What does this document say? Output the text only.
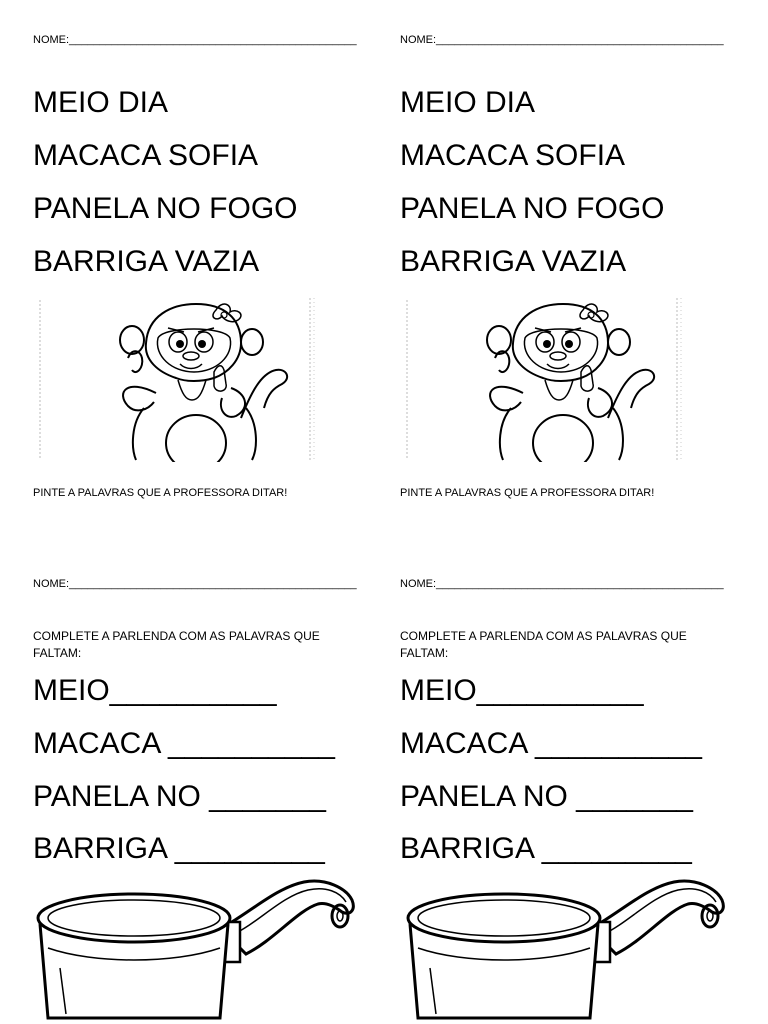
NOME:_______________________________________________
MEIO DIA
MACACA SOFIA
PANELA NO FOGO
BARRIGA VAZIA
PINTE A PALAVRAS QUE A PROFESSORA DITAR!
NOME:_______________________________________________
MEIO DIA
MACACA SOFIA
PANELA NO FOGO
BARRIGA VAZIA
PINTE A PALAVRAS QUE A PROFESSORA DITAR!
NOME:_______________________________________________
COMPLETE A PARLENDA COM AS PALAVRAS QUE FALTAM:
MEIO__________
MACACA __________
PANELA NO _______
BARRIGA _________
NOME:_______________________________________________
COMPLETE A PARLENDA COM AS PALAVRAS QUE FALTAM:
MEIO__________
MACACA __________
PANELA NO _______
BARRIGA _________
